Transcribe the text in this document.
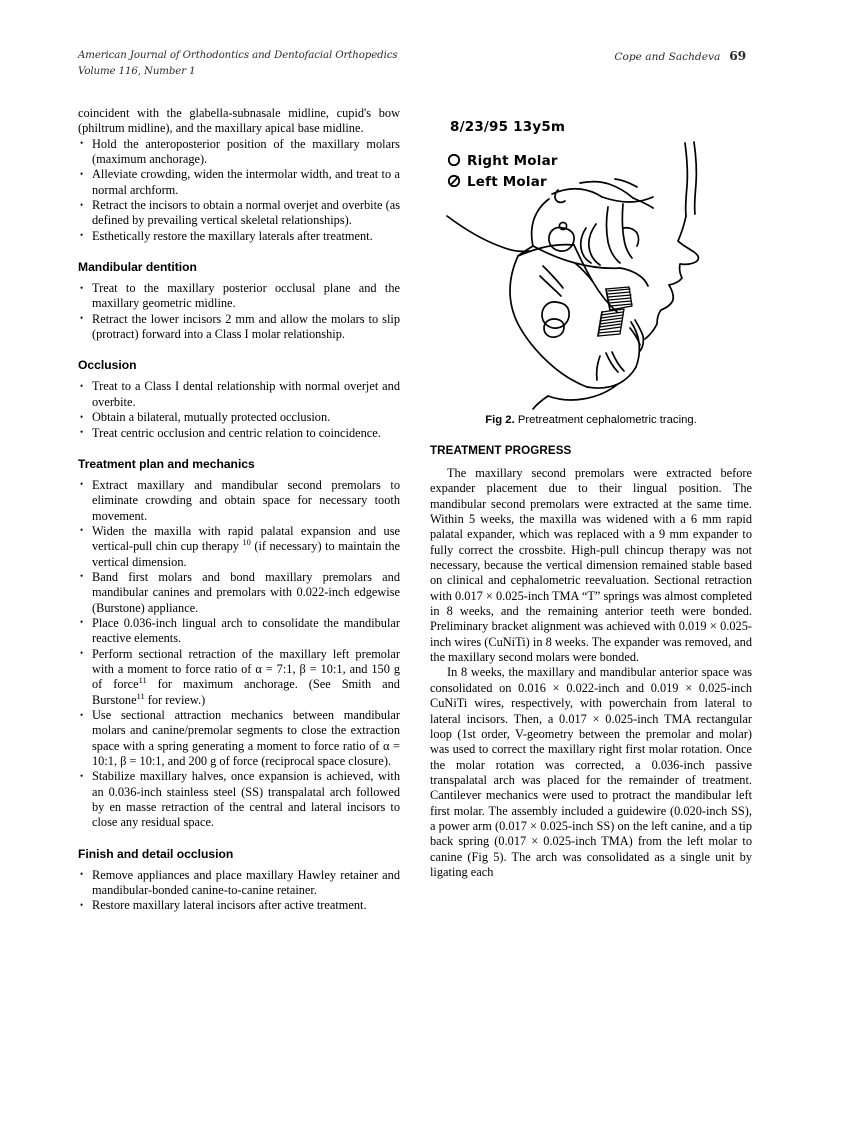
American Journal of Orthodontics and Dentofacial Orthopedics
Volume 116, Number 1
Cope and Sachdeva 69

coincident with the glabella-subnasale midline, cupid's bow (philtrum midline), and the maxillary apical base midline.

• Hold the anteroposterior position of the maxillary molars (maximum anchorage).
• Alleviate crowding, widen the intermolar width, and treat to a normal archform.
• Retract the incisors to obtain a normal overjet and overbite (as defined by prevailing vertical skeletal relationships).
• Esthetically restore the maxillary laterals after treatment.
Mandibular dentition
• Treat to the maxillary posterior occlusal plane and the maxillary geometric midline.
• Retract the lower incisors 2 mm and allow the molars to slip (protract) forward into a Class I molar relationship.
Occlusion
• Treat to a Class I dental relationship with normal overjet and overbite.
• Obtain a bilateral, mutually protected occlusion.
• Treat centric occlusion and centric relation to coincidence.
Treatment plan and mechanics
• Extract maxillary and mandibular second premolars to eliminate crowding and obtain space for necessary tooth movement.
• Widen the maxilla with rapid palatal expansion and use vertical-pull chin cup therapy $^{10}$ (if necessary) to maintain the vertical dimension.
• Band first molars and bond maxillary premolars and mandibular canines and premolars with 0.022-inch edgewise (Burstone) appliance.
• Place 0.036-inch lingual arch to consolidate the mandibular reactive elements.
• Perform sectional retraction of the maxillary left premolar with a moment to force ratio of α = 7:1, β = 10:1, and 150 g of force$^{11}$ for maximum anchorage. (See Smith and Burstone$^{11}$ for review.)
• Use sectional attraction mechanics between mandibular molars and canine/premolar segments to close the extraction space with a spring generating a moment to force ratio of α = 10:1, β = 10:1, and 200 g of force (reciprocal space closure).
• Stabilize maxillary halves, once expansion is achieved, with an 0.036-inch stainless steel (SS) transpalatal arch followed by en masse retraction of the central and lateral incisors to close any residual space.
Finish and detail occlusion
• Remove appliances and place maxillary Hawley retainer and mandibular-bonded canine-to-canine retainer.
• Restore maxillary lateral incisors after active treatment.
8/23/95 13y5m
Right Molar
Left Molar
Fig 2. Pretreatment cephalometric tracing.
TREATMENT PROGRESS

The maxillary second premolars were extracted before expander placement due to their lingual position. The mandibular second premolars were extracted at the same time. Within 5 weeks, the maxilla was widened with a 6 mm rapid palatal expander, which was replaced with a 9 mm expander to fully correct the crossbite. High-pull chincup therapy was not necessary, because the vertical dimension remained stable based on clinical and cephalometric reevaluation. Sectional retraction with 0.017 × 0.025-inch TMA “T” springs was almost completed in 8 weeks, and the remaining anterior teeth were bonded. Preliminary bracket alignment was achieved with 0.019 × 0.025-inch wires (CuNiTi) in 8 weeks. The expander was removed, and the maxillary second molars were bonded.

In 8 weeks, the maxillary and mandibular anterior space was consolidated on 0.016 × 0.022-inch and 0.019 × 0.025-inch CuNiTi wires, respectively, with powerchain from lateral to lateral incisors. Then, a 0.017 × 0.025-inch TMA rectangular loop (1st order, V-geometry between the premolar and molar) was used to correct the maxillary right first molar rotation. Once the molar rotation was corrected, a 0.036-inch passive transpalatal arch was placed for the remainder of treatment. Cantilever mechanics were used to protract the mandibular left first molar. The assembly included a guidewire (0.020-inch SS), a power arm (0.017 × 0.025-inch SS) on the left canine, and a tip back spring (0.017 × 0.025-inch TMA) from the left molar to canine (Fig 5). The arch was consolidated as a single unit by ligating each
